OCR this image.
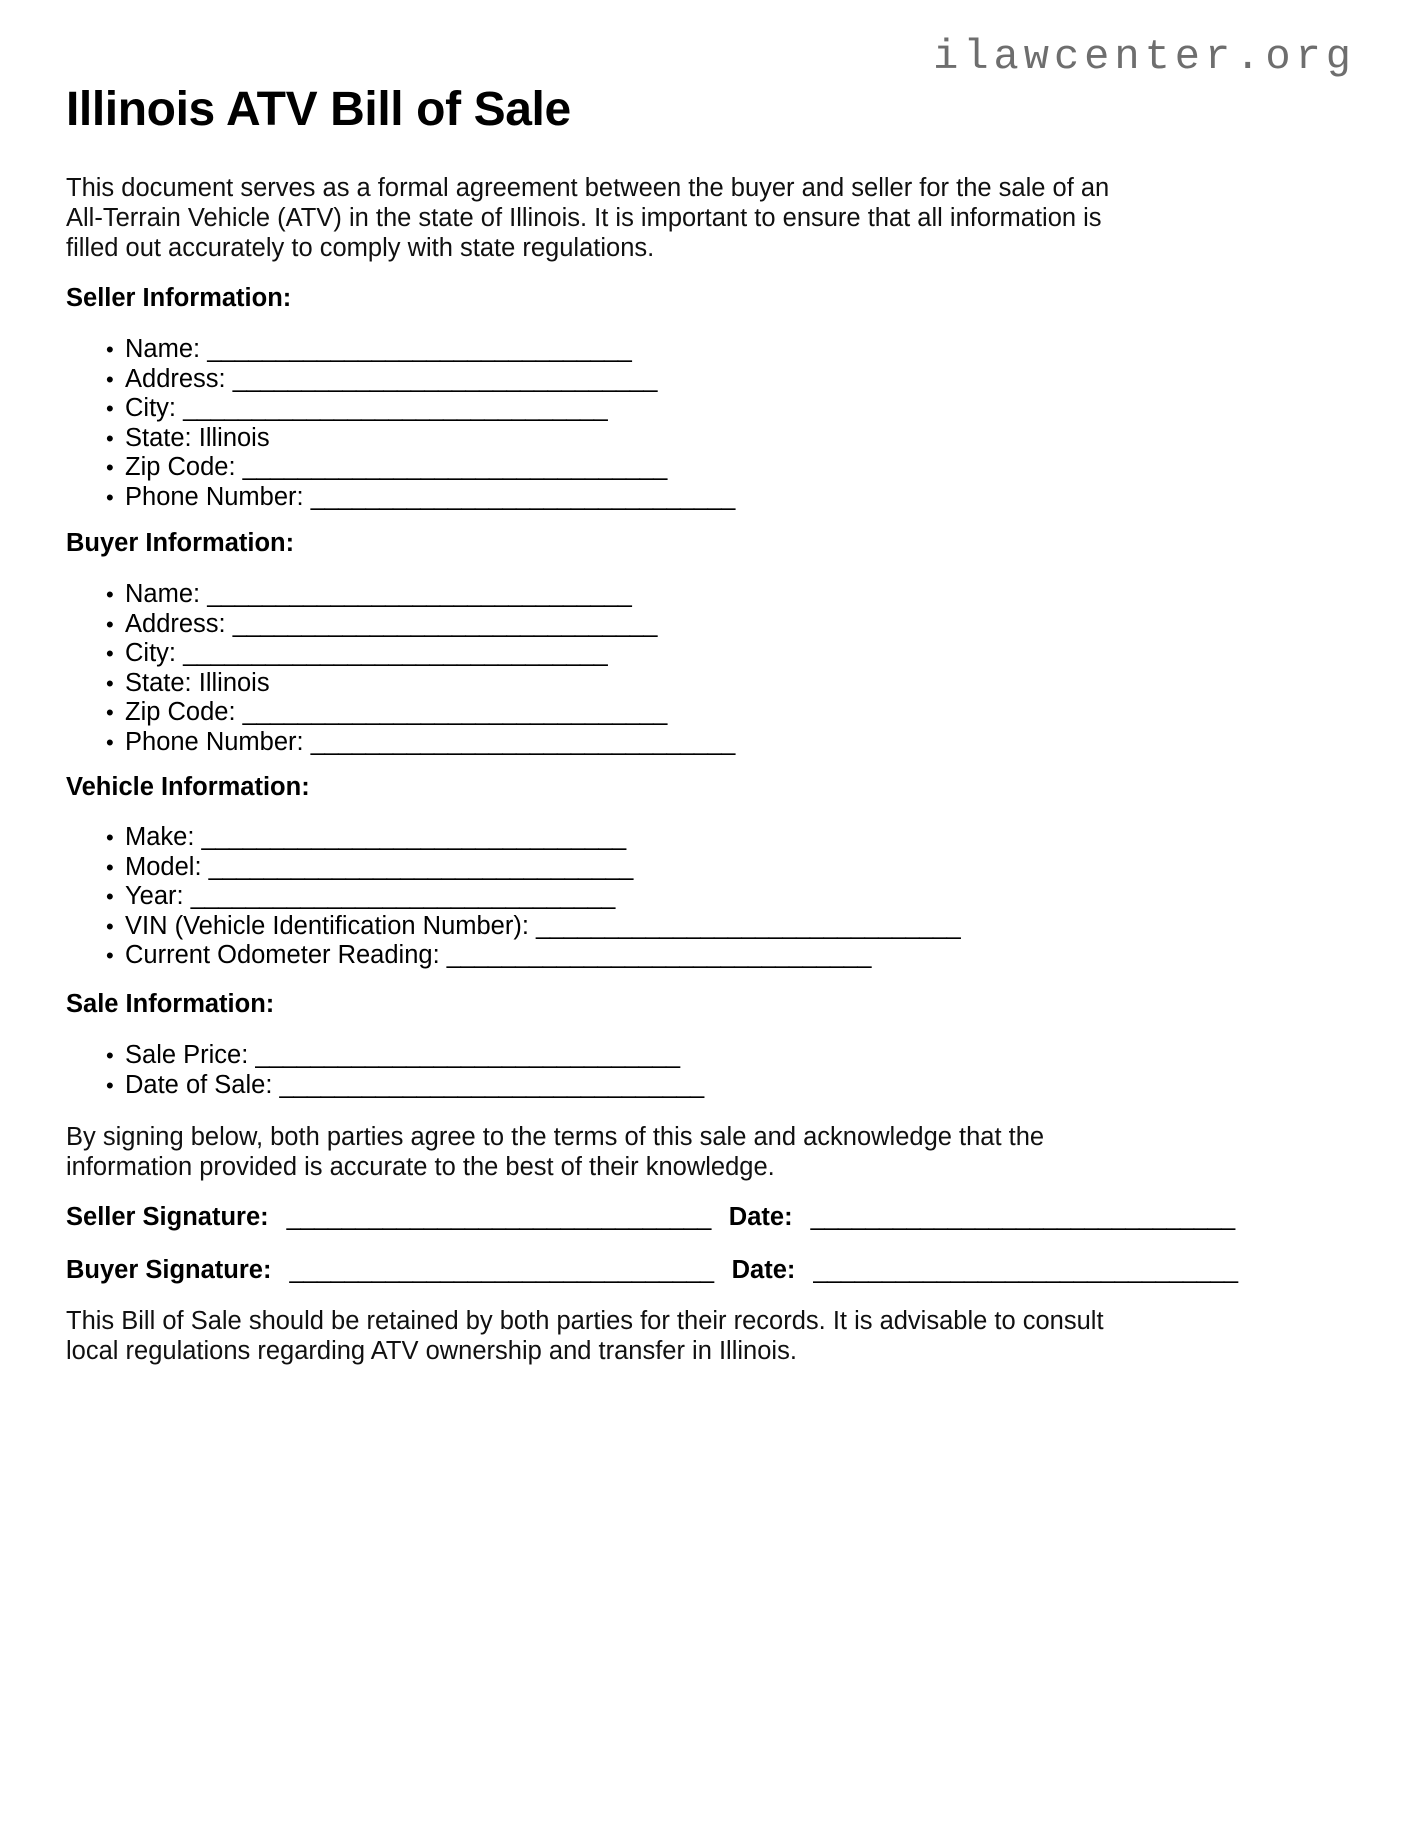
ilawcenter.org
Illinois ATV Bill of Sale

This document serves as a formal agreement between the buyer and seller for the sale of an All-Terrain Vehicle (ATV) in the state of Illinois. It is important to ensure that all information is filled out accurately to comply with state regulations.

Seller Information:
• Name: _______________________________
• Address: _______________________________
• City: _______________________________
• State: Illinois
• Zip Code: _______________________________
• Phone Number: _______________________________
Buyer Information:
• Name: _______________________________
• Address: _______________________________
• City: _______________________________
• State: Illinois
• Zip Code: _______________________________
• Phone Number: _______________________________
Vehicle Information:
• Make: _______________________________
• Model: _______________________________
• Year: _______________________________
• VIN (Vehicle Identification Number): _______________________________
• Current Odometer Reading: _______________________________
Sale Information:
• Sale Price: _______________________________
• Date of Sale: _______________________________

By signing below, both parties agree to the terms of this sale and acknowledge that the information provided is accurate to the best of their knowledge.

Seller Signature: _______________________________ Date: _______________________________
Buyer Signature: _______________________________ Date: _______________________________

This Bill of Sale should be retained by both parties for their records. It is advisable to consult local regulations regarding ATV ownership and transfer in Illinois.
